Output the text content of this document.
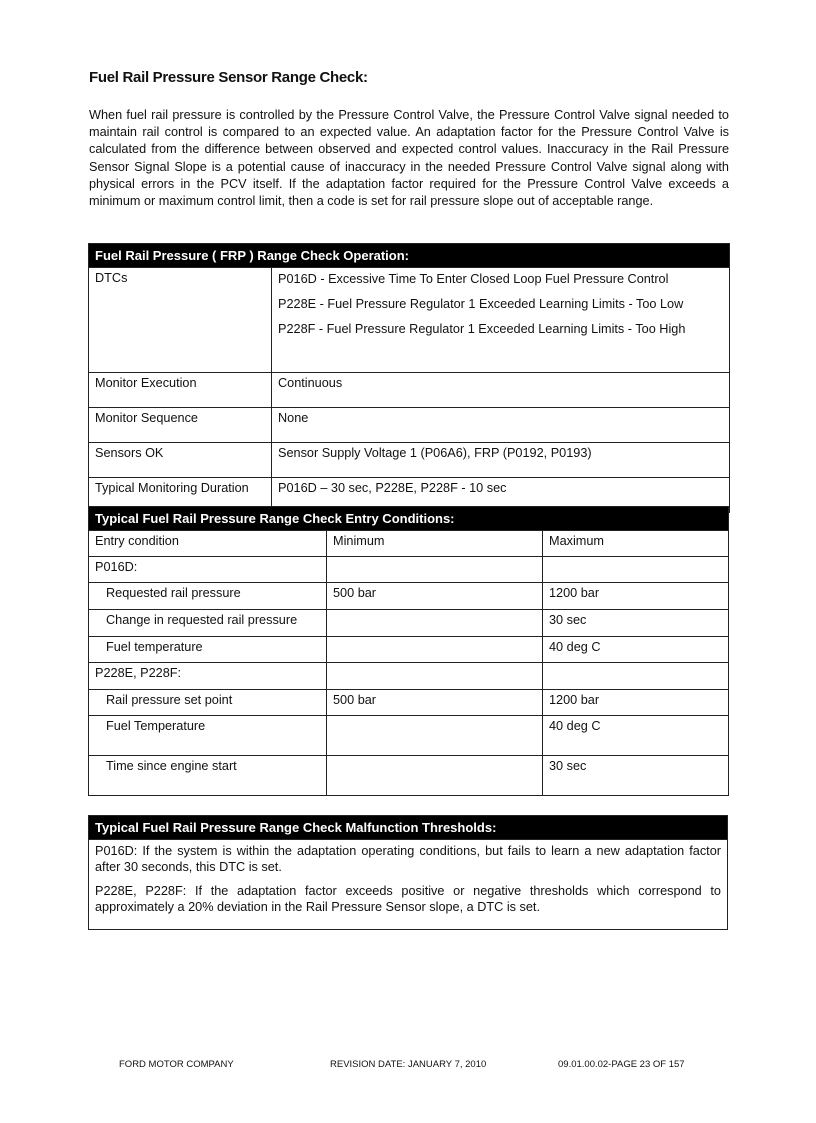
Fuel Rail Pressure Sensor Range Check:

When fuel rail pressure is controlled by the Pressure Control Valve, the Pressure Control Valve signal needed to maintain rail control is compared to an expected value. An adaptation factor for the Pressure Control Valve is calculated from the difference between observed and expected control values. Inaccuracy in the Rail Pressure Sensor Signal Slope is a potential cause of inaccuracy in the needed Pressure Control Valve signal along with physical errors in the PCV itself. If the adaptation factor required for the Pressure Control Valve exceeds a minimum or maximum control limit, then a code is set for rail pressure slope out of acceptable range.

Fuel Rail Pressure ( FRP ) Range Check Operation:	
DTCs	P016D - Excessive Time To Enter Closed Loop Fuel Pressure Control
P228E - Fuel Pressure Regulator 1 Exceeded Learning Limits - Too Low
P228F - Fuel Pressure Regulator 1 Exceeded Learning Limits - Too High

Monitor Execution	Continuous
Monitor Sequence	None
Sensors OK	Sensor Supply Voltage 1 (P06A6), FRP (P0192, P0193)
Typical Monitoring Duration	P016D – 30 sec, P228E, P228F - 10 sec
Typical Fuel Rail Pressure Range Check Entry Conditions:		
Entry condition	Minimum	Maximum
P016D:		
Requested rail pressure	500 bar	1200 bar
Change in requested rail pressure		30 sec
Fuel temperature		40 deg C
P228E, P228F:		
Rail pressure set point	500 bar	1200 bar
Fuel Temperature		40 deg C
Time since engine start		30 sec
Typical Fuel Rail Pressure Range Check Malfunction Thresholds:

P016D: If the system is within the adaptation operating conditions, but fails to learn a new adaptation factor after 30 seconds, this DTC is set.
P228E, P228F: If the adaptation factor exceeds positive or negative thresholds which correspond to approximately a 20% deviation in the Rail Pressure Sensor slope, a DTC is set.
FORD MOTOR COMPANY	REVISION DATE: JANUARY 7, 2010	09.01.00.02-PAGE 23 OF 157
